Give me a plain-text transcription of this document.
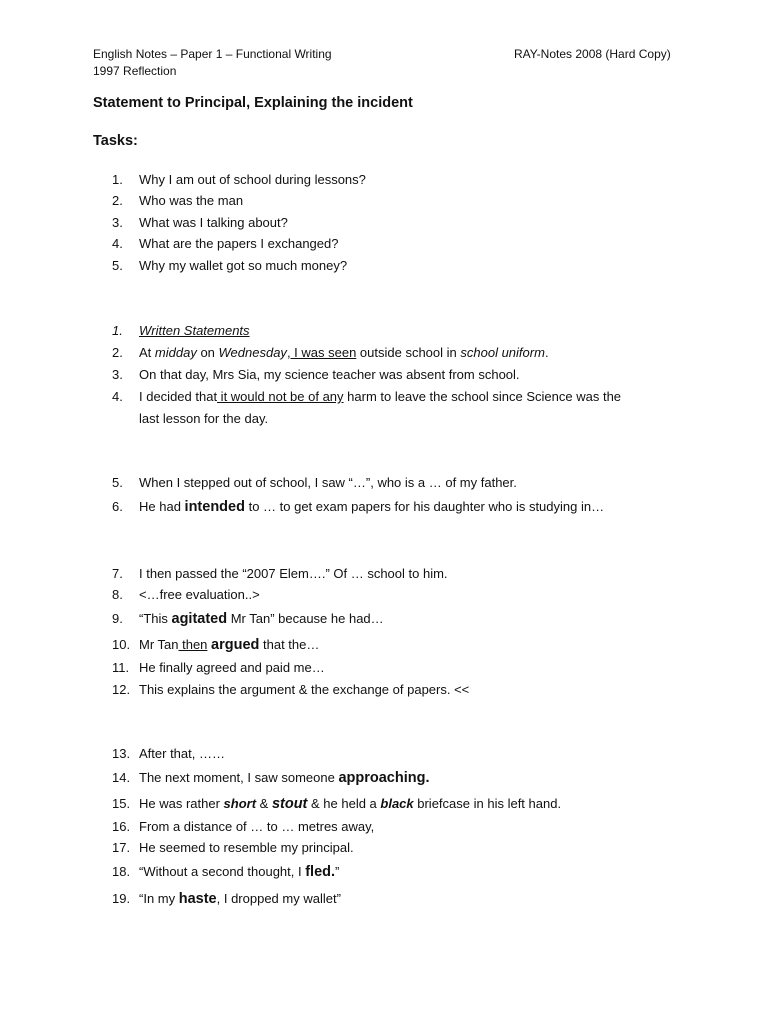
English Notes – Paper 1 – Functional Writing
1997 Reflection
RAY-Notes 2008 (Hard Copy)
Statement to Principal, Explaining the incident
Tasks:
1.	Why I am out of school during lessons?
2.	Who was the man
3.	What was I talking about?
4.	What are the papers I exchanged?
5.	Why my wallet got so much money?
1.	Written Statements
2.	At midday on Wednesday, I was seen outside school in school uniform.
3.	On that day, Mrs Sia, my science teacher was absent from school.
4.	I decided that it would not be of any harm to leave the school since Science was the
last lesson for the day.
5.	When I stepped out of school, I saw “…”, who is a … of my father.
6.	He had intended to … to get exam papers for his daughter who is studying in…
7.	I then passed the “2007 Elem….” Of … school to him.
8.	<…free evaluation..>
9.	“This agitated Mr Tan” because he had…
10. Mr Tan then argued that the…
11. He finally agreed and paid me…
12. This explains the argument & the exchange of papers. <<
13. After that, ……
14. The next moment, I saw someone approaching.
15. He was rather short & stout & he held a black briefcase in his left hand.
16. From a distance of … to … metres away,
17. He seemed to resemble my principal.
18. “Without a second thought, I fled.”
19. “In my haste, I dropped my wallet”
